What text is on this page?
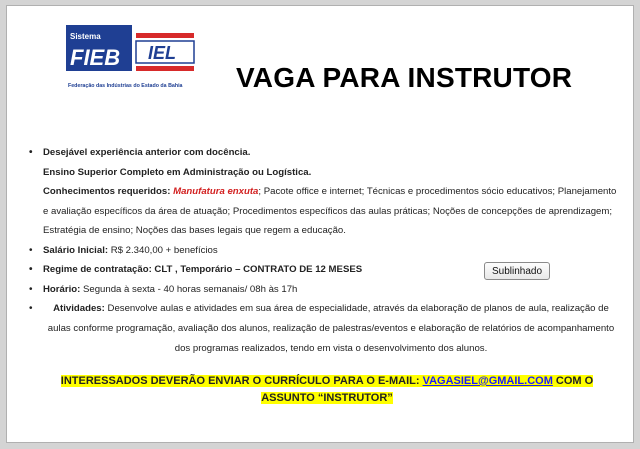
Sistema
FIEB IEL
Federação das Indústrias do Estado da Bahia VAGA PARA INSTRUTOR
• Desejável experiência anterior com docência.
Ensino Superior Completo em Administração ou Logística.
Conhecimentos requeridos: Manufatura enxuta; Pacote office e internet; Técnicas e procedimentos sócio educativos; Planejamento e avaliação específicos da área de atuação; Procedimentos específicos das aulas práticas; Noções de concepções de aprendizagem; Estratégia de ensino; Noções das bases legais que regem a educação.
• Salário Inicial: R$ 2.340,00 + benefícios
• Regime de contratação: CLT , Temporário – CONTRATO DE 12 MESES
• Horário: Segunda à sexta - 40 horas semanais/ 08h às 17h
• Atividades: Desenvolve aulas e atividades em sua área de especialidade, através da elaboração de planos de aula, realização de aulas conforme programação, avaliação dos alunos, realização de palestras/eventos e elaboração de relatórios de acompanhamento dos programas realizados, tendo em vista o desenvolvimento dos alunos.
Sublinhado
INTERESSADOS DEVERÃO ENVIAR O CURRÍCULO PARA O E-MAIL: VAGASIEL@GMAIL.COM COM O ASSUNTO “INSTRUTOR”
